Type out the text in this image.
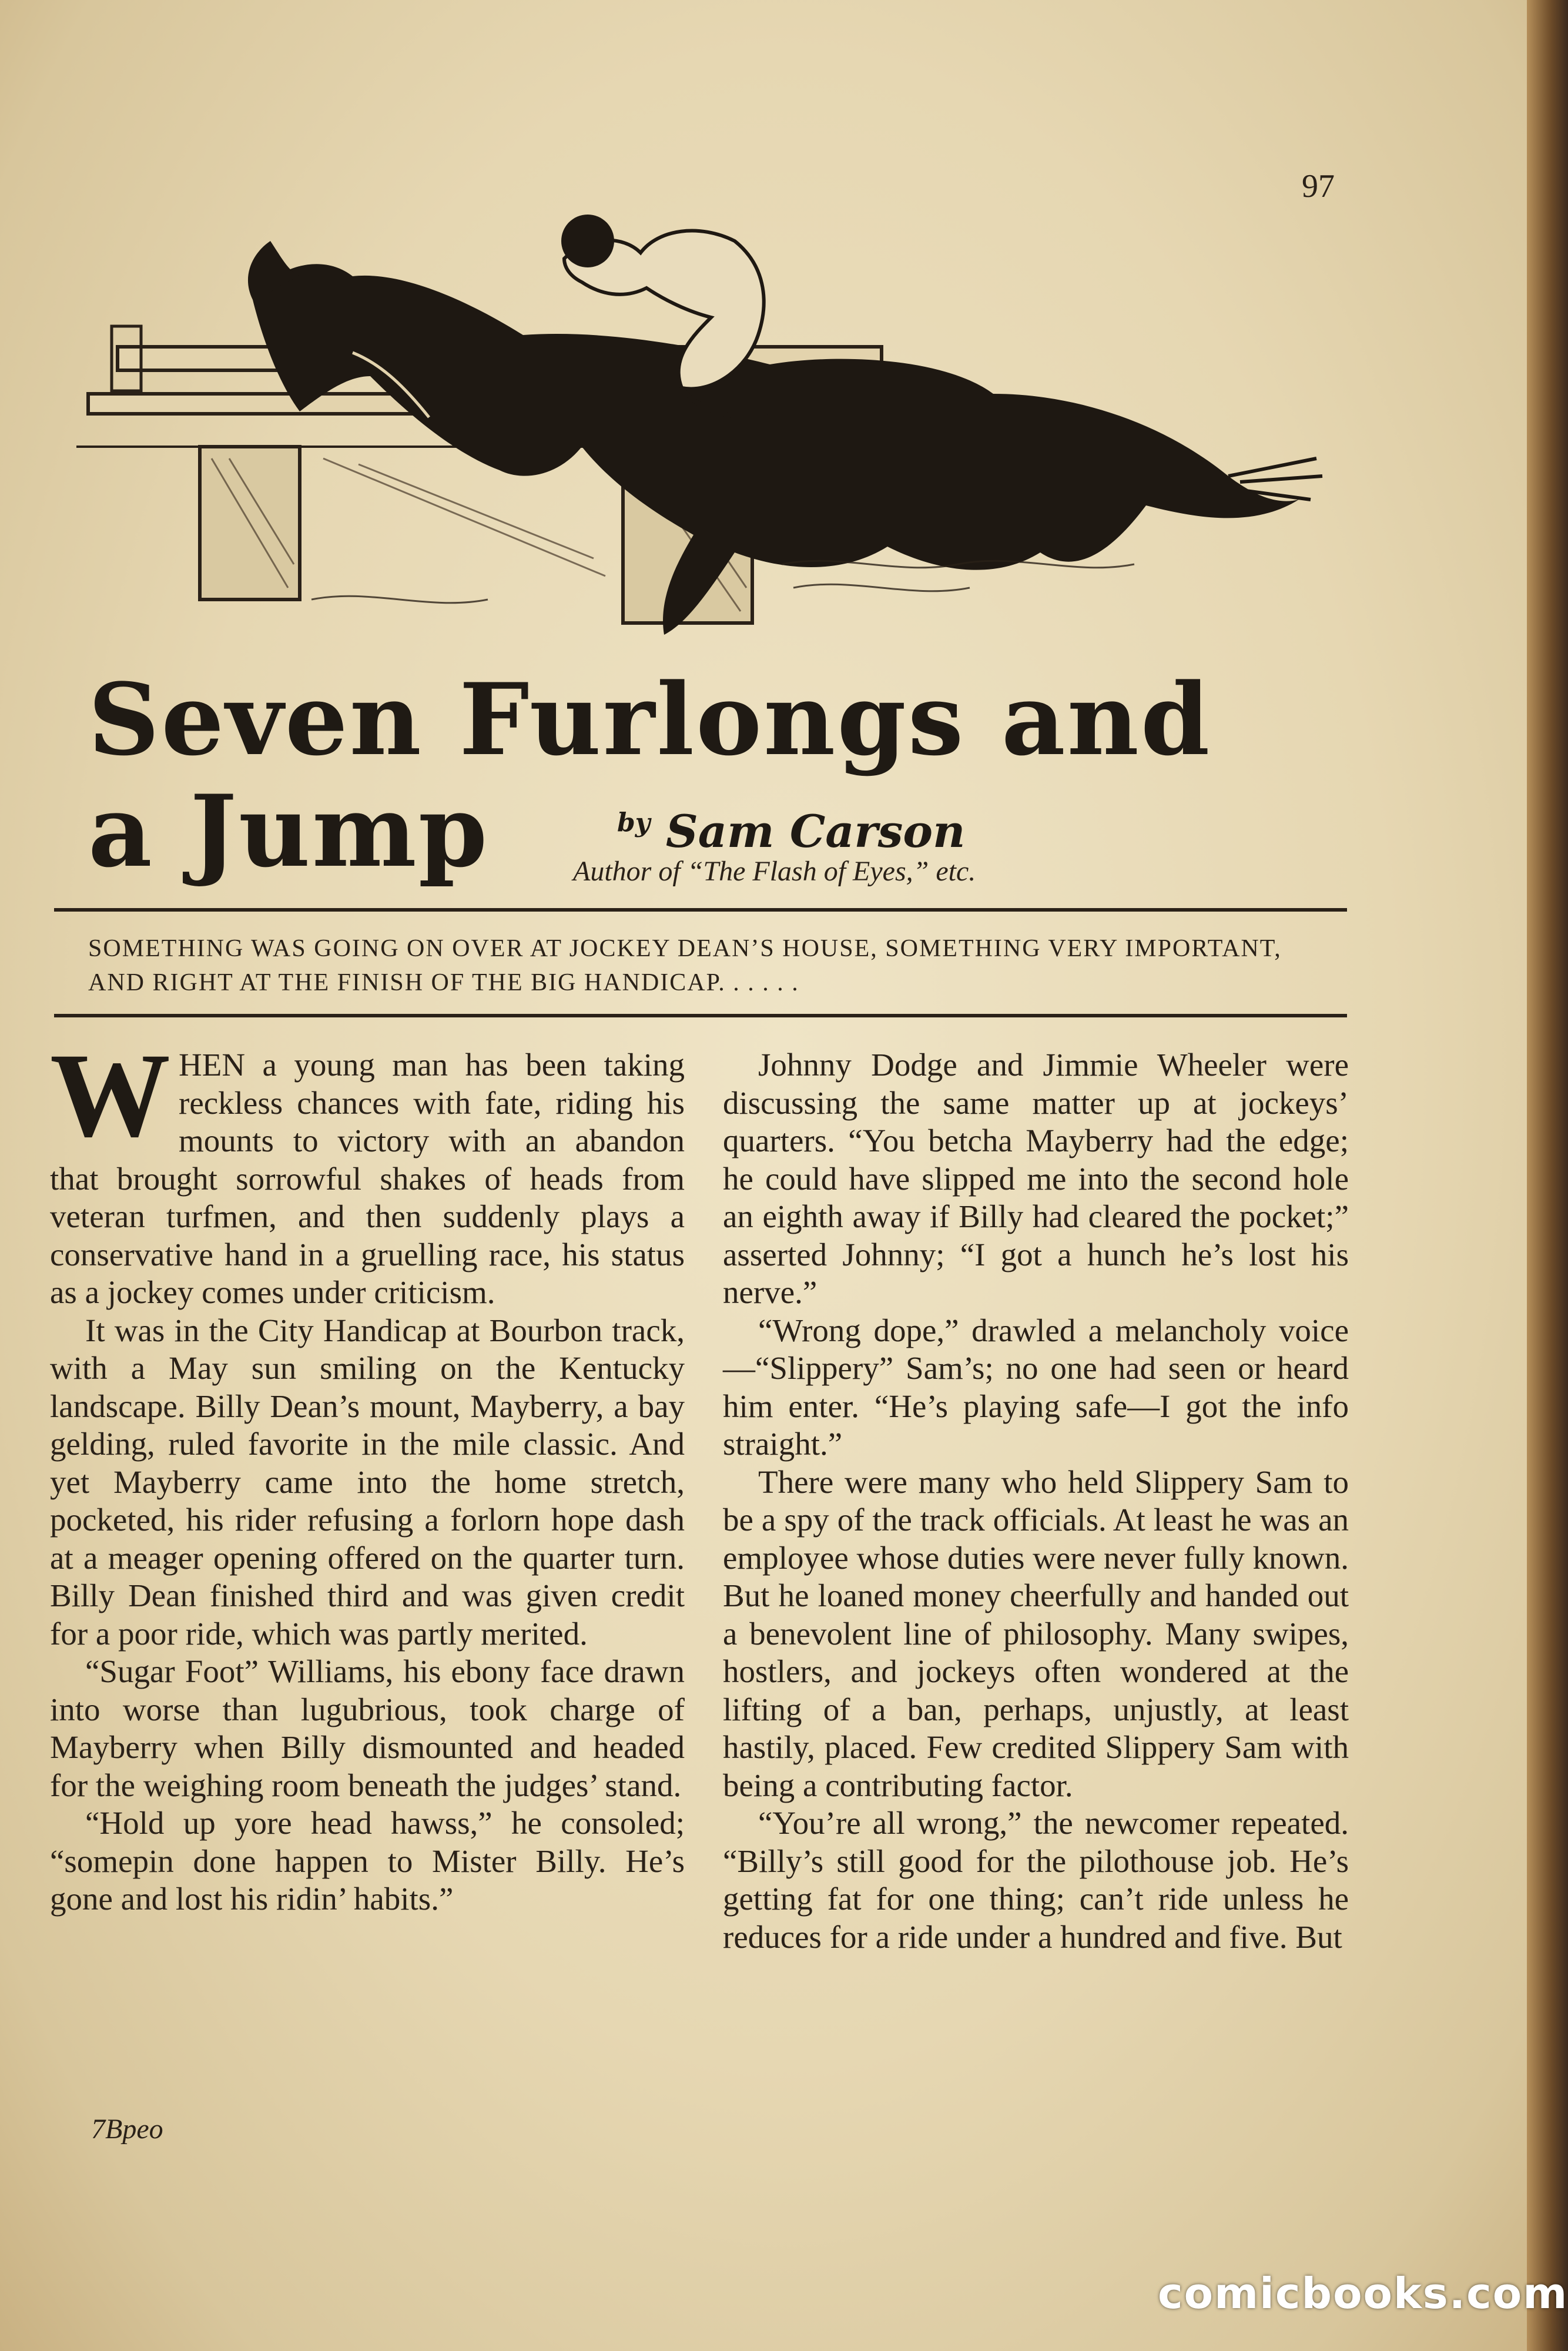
97
Seven Furlongs and
a Jump	$^{by}$ Sam Carson
Author of “The Flash of Eyes,” etc.
SOMETHING WAS GOING ON OVER AT JOCKEY DEAN’S HOUSE, SOMETHING VERY IMPORTANT, AND RIGHT AT THE FINISH OF THE BIG HANDICAP. . . . . .

WHEN a young man has been taking reckless chances with fate, riding his mounts to victory with an abandon that brought sorrowful shakes of heads from veteran turfmen, and then suddenly plays a conservative hand in a gruelling race, his status as a jockey comes under criticism.

It was in the City Handicap at Bourbon track, with a May sun smiling on the Kentucky landscape. Billy Dean’s mount, Mayberry, a bay gelding, ruled favorite in the mile classic. And yet Mayberry came into the home stretch, pocketed, his rider refusing a forlorn hope dash at a meager opening offered on the quarter turn. Billy Dean finished third and was given credit for a poor ride, which was partly merited.

“Sugar Foot” Williams, his ebony face drawn into worse than lugubrious, took charge of Mayberry when Billy dismounted and headed for the weighing room beneath the judges’ stand.

“Hold up yore head hawss,” he consoled; “somepin done happen to Mister Billy. He’s gone and lost his ridin’ habits.”

Johnny Dodge and Jimmie Wheeler were discussing the same matter up at jockeys’ quarters. “You betcha Mayberry had the edge; he could have slipped me into the second hole an eighth away if Billy had cleared the pocket;” asserted Johnny; “I got a hunch he’s lost his nerve.”

“Wrong dope,” drawled a melancholy voice—“Slippery” Sam’s; no one had seen or heard him enter. “He’s playing safe—I got the info straight.”

There were many who held Slippery Sam to be a spy of the track officials. At least he was an employee whose duties were never fully known. But he loaned money cheerfully and handed out a benevolent line of philosophy. Many swipes, hostlers, and jockeys often wondered at the lifting of a ban, perhaps, unjustly, at least hastily, placed. Few credited Slippery Sam with being a contributing factor.

“You’re all wrong,” the newcomer repeated. “Billy’s still good for the pilothouse job. He’s getting fat for one thing; can’t ride unless he reduces for a ride under a hundred and five. But

7Bpeo
comicbooks.com
